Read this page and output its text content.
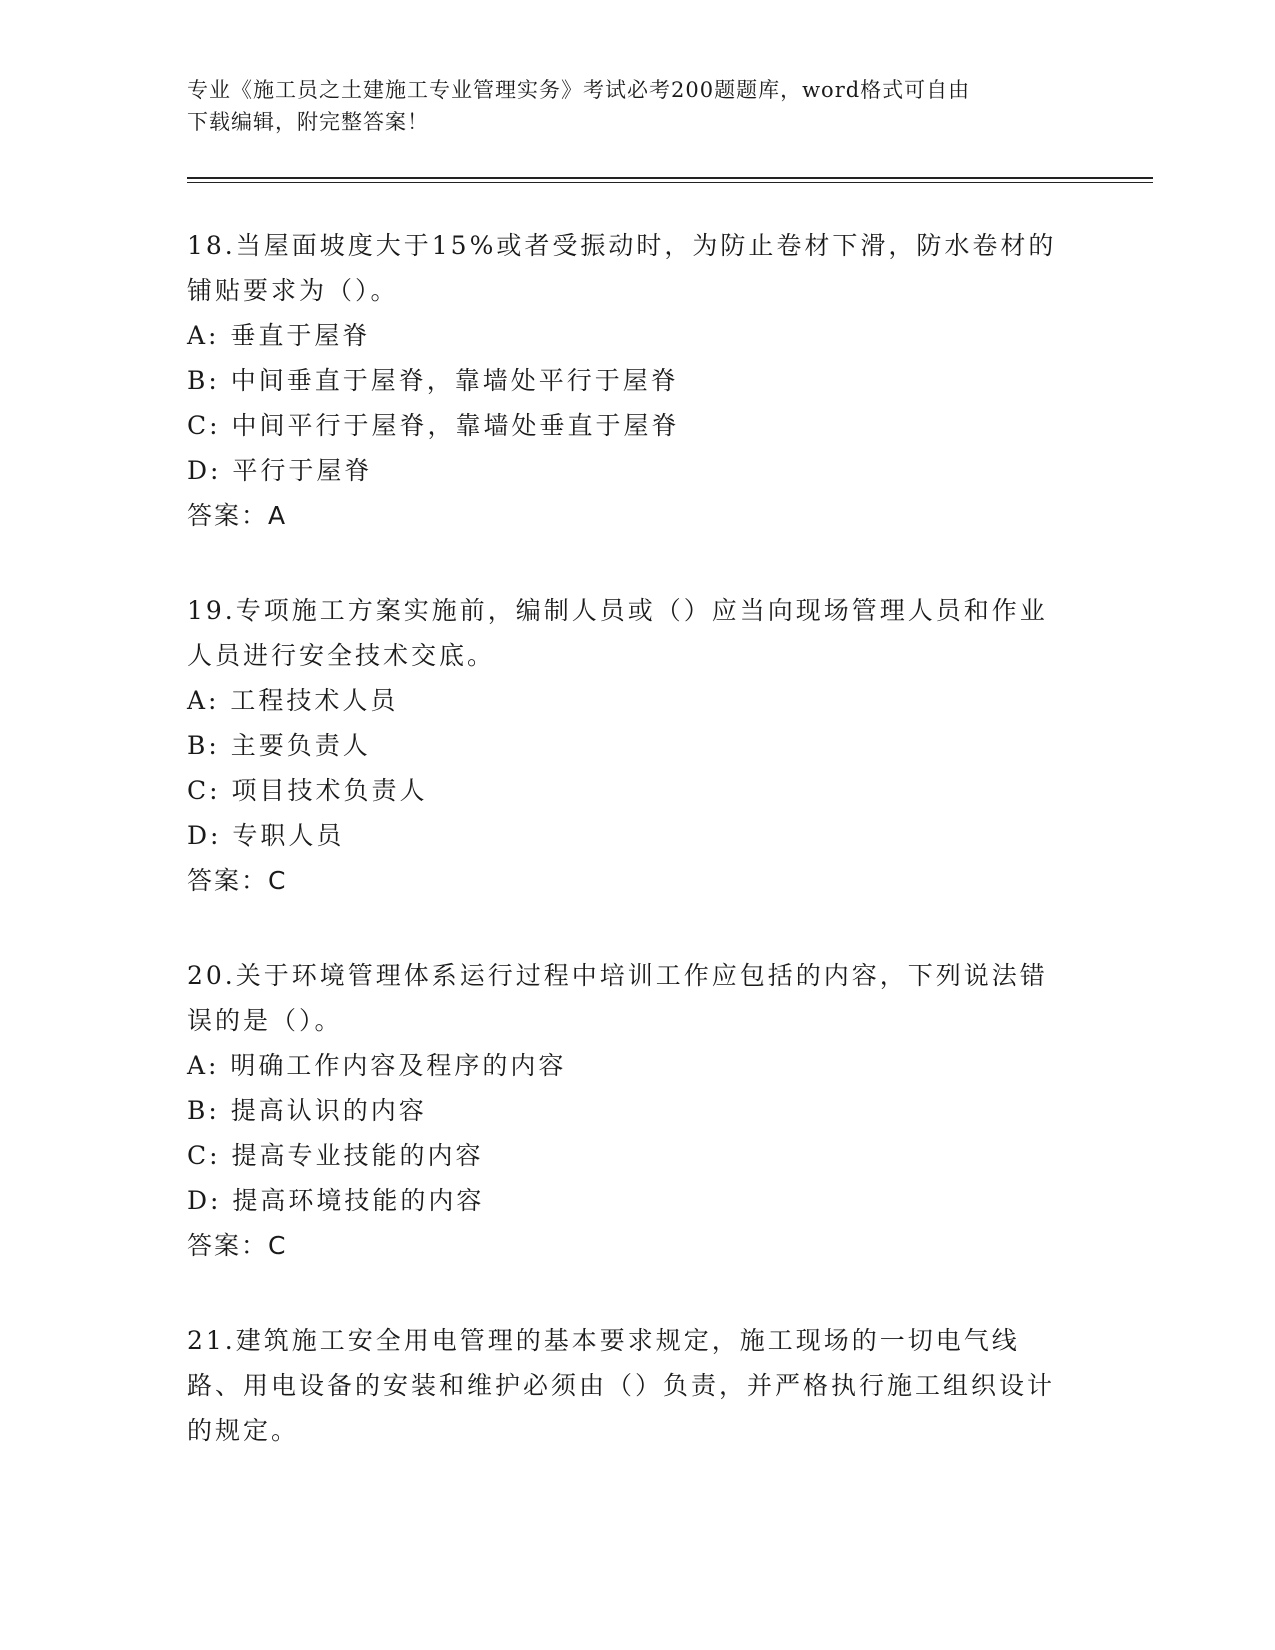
专业《施工员之土建施工专业管理实务》考试必考200题题库，word格式可自由
下载编辑，附完整答案！

18.当屋面坡度大于15%或者受振动时，为防止卷材下滑，防水卷材的铺贴要求为（）。

A: 垂直于屋脊

B: 中间垂直于屋脊，靠墙处平行于屋脊

C: 中间平行于屋脊，靠墙处垂直于屋脊

D: 平行于屋脊

答案：A

19.专项施工方案实施前，编制人员或（）应当向现场管理人员和作业人员进行安全技术交底。

A: 工程技术人员

B: 主要负责人

C: 项目技术负责人

D: 专职人员

答案：C

20.关于环境管理体系运行过程中培训工作应包括的内容，下列说法错误的是（）。

A: 明确工作内容及程序的内容

B: 提高认识的内容

C: 提高专业技能的内容

D: 提高环境技能的内容

答案：C

21.建筑施工安全用电管理的基本要求规定，施工现场的一切电气线路、用电设备的安装和维护必须由（）负责，并严格执行施工组织设计的规定。
